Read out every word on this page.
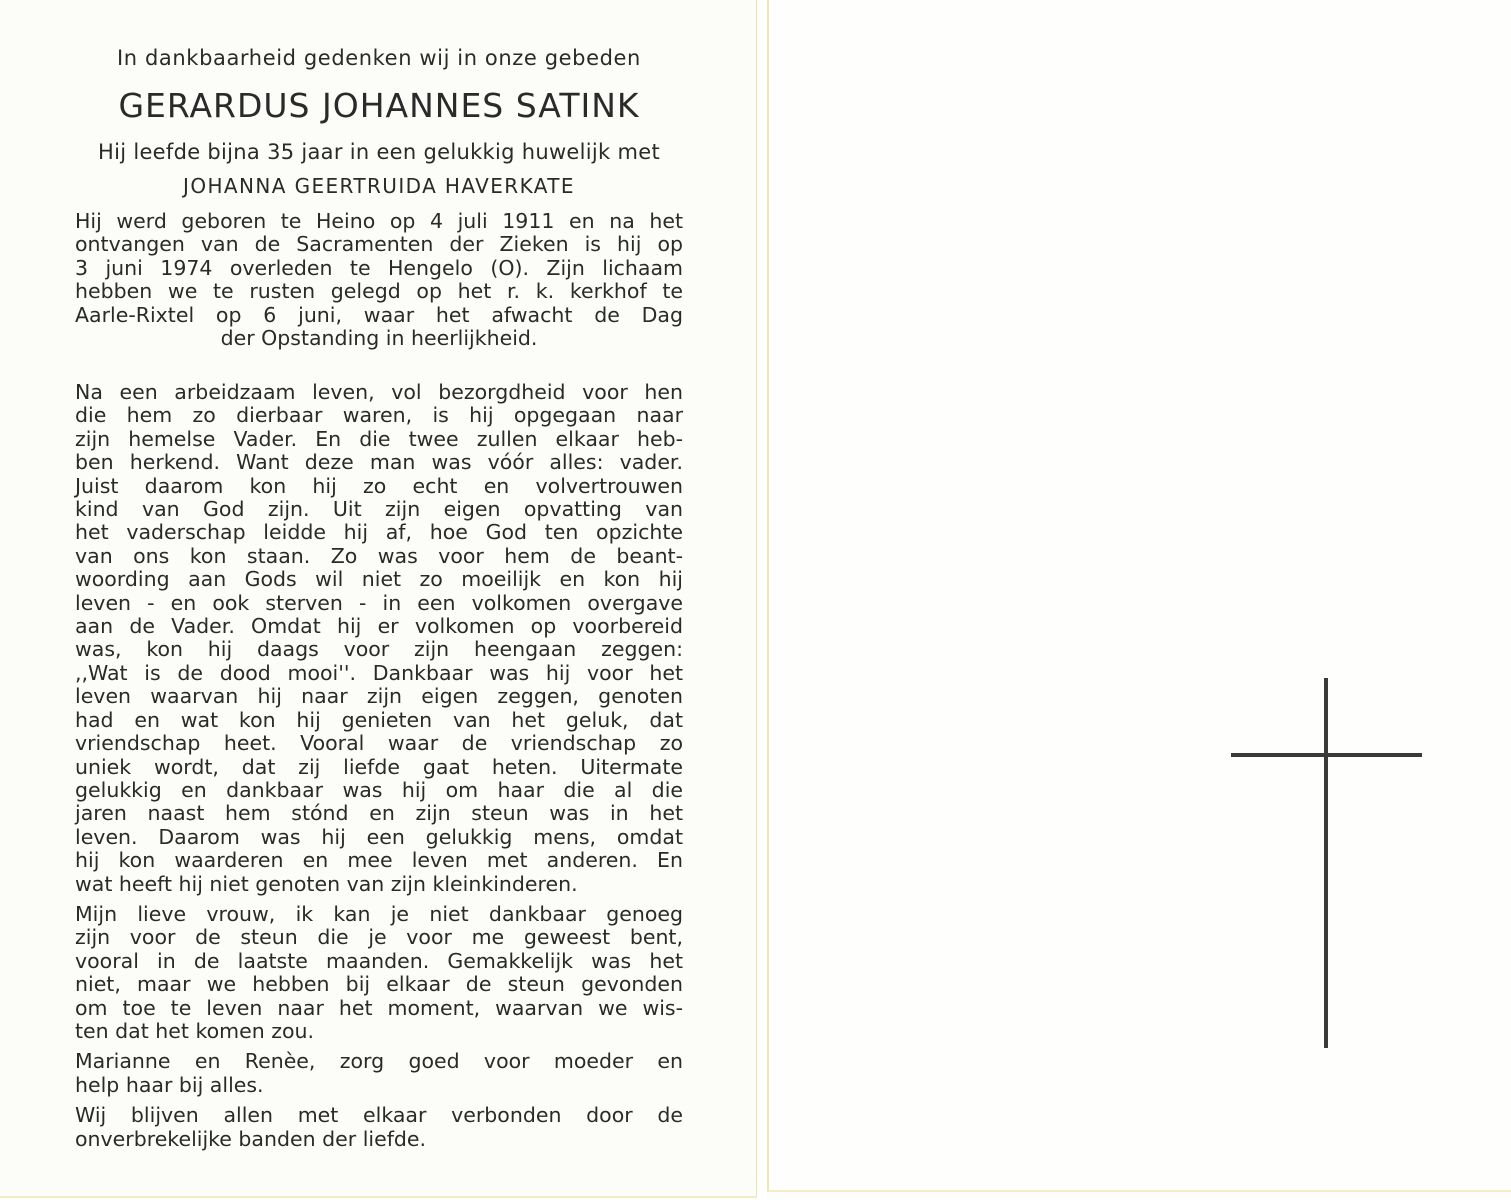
In dankbaarheid gedenken wij in onze gebeden
GERARDUS JOHANNES SATINK
Hij leefde bijna 35 jaar in een gelukkig huwelijk met
JOHANNA GEERTRUIDA HAVERKATE

Hij werd geboren te Heino op 4 juli 1911 en na het

ontvangen van de Sacramenten der Zieken is hij op

3 juni 1974 overleden te Hengelo (O). Zijn lichaam

hebben we te rusten gelegd op het r. k. kerkhof te

Aarle-Rixtel op 6 juni, waar het afwacht de Dag

der Opstanding in heerlijkheid.

Na een arbeidzaam leven, vol bezorgdheid voor hen

die hem zo dierbaar waren, is hij opgegaan naar

zijn hemelse Vader. En die twee zullen elkaar heb-

ben herkend. Want deze man was vóór alles: vader.

Juist daarom kon hij zo echt en volvertrouwen

kind van God zijn. Uit zijn eigen opvatting van

het vaderschap leidde hij af, hoe God ten opzichte

van ons kon staan. Zo was voor hem de beant-

woording aan Gods wil niet zo moeilijk en kon hij

leven - en ook sterven - in een volkomen overgave

aan de Vader. Omdat hij er volkomen op voorbereid

was, kon hij daags voor zijn heengaan zeggen:

,,Wat is de dood mooi''. Dankbaar was hij voor het

leven waarvan hij naar zijn eigen zeggen, genoten

had en wat kon hij genieten van het geluk, dat

vriendschap heet. Vooral waar de vriendschap zo

uniek wordt, dat zij liefde gaat heten. Uitermate

gelukkig en dankbaar was hij om haar die al die

jaren naast hem stónd en zijn steun was in het

leven. Daarom was hij een gelukkig mens, omdat

hij kon waarderen en mee leven met anderen. En

wat heeft hij niet genoten van zijn kleinkinderen.

Mijn lieve vrouw, ik kan je niet dankbaar genoeg

zijn voor de steun die je voor me geweest bent,

vooral in de laatste maanden. Gemakkelijk was het

niet, maar we hebben bij elkaar de steun gevonden

om toe te leven naar het moment, waarvan we wis-

ten dat het komen zou.

Marianne en Renèe, zorg goed voor moeder en

help haar bij alles.

Wij blijven allen met elkaar verbonden door de

onverbrekelijke banden der liefde.
